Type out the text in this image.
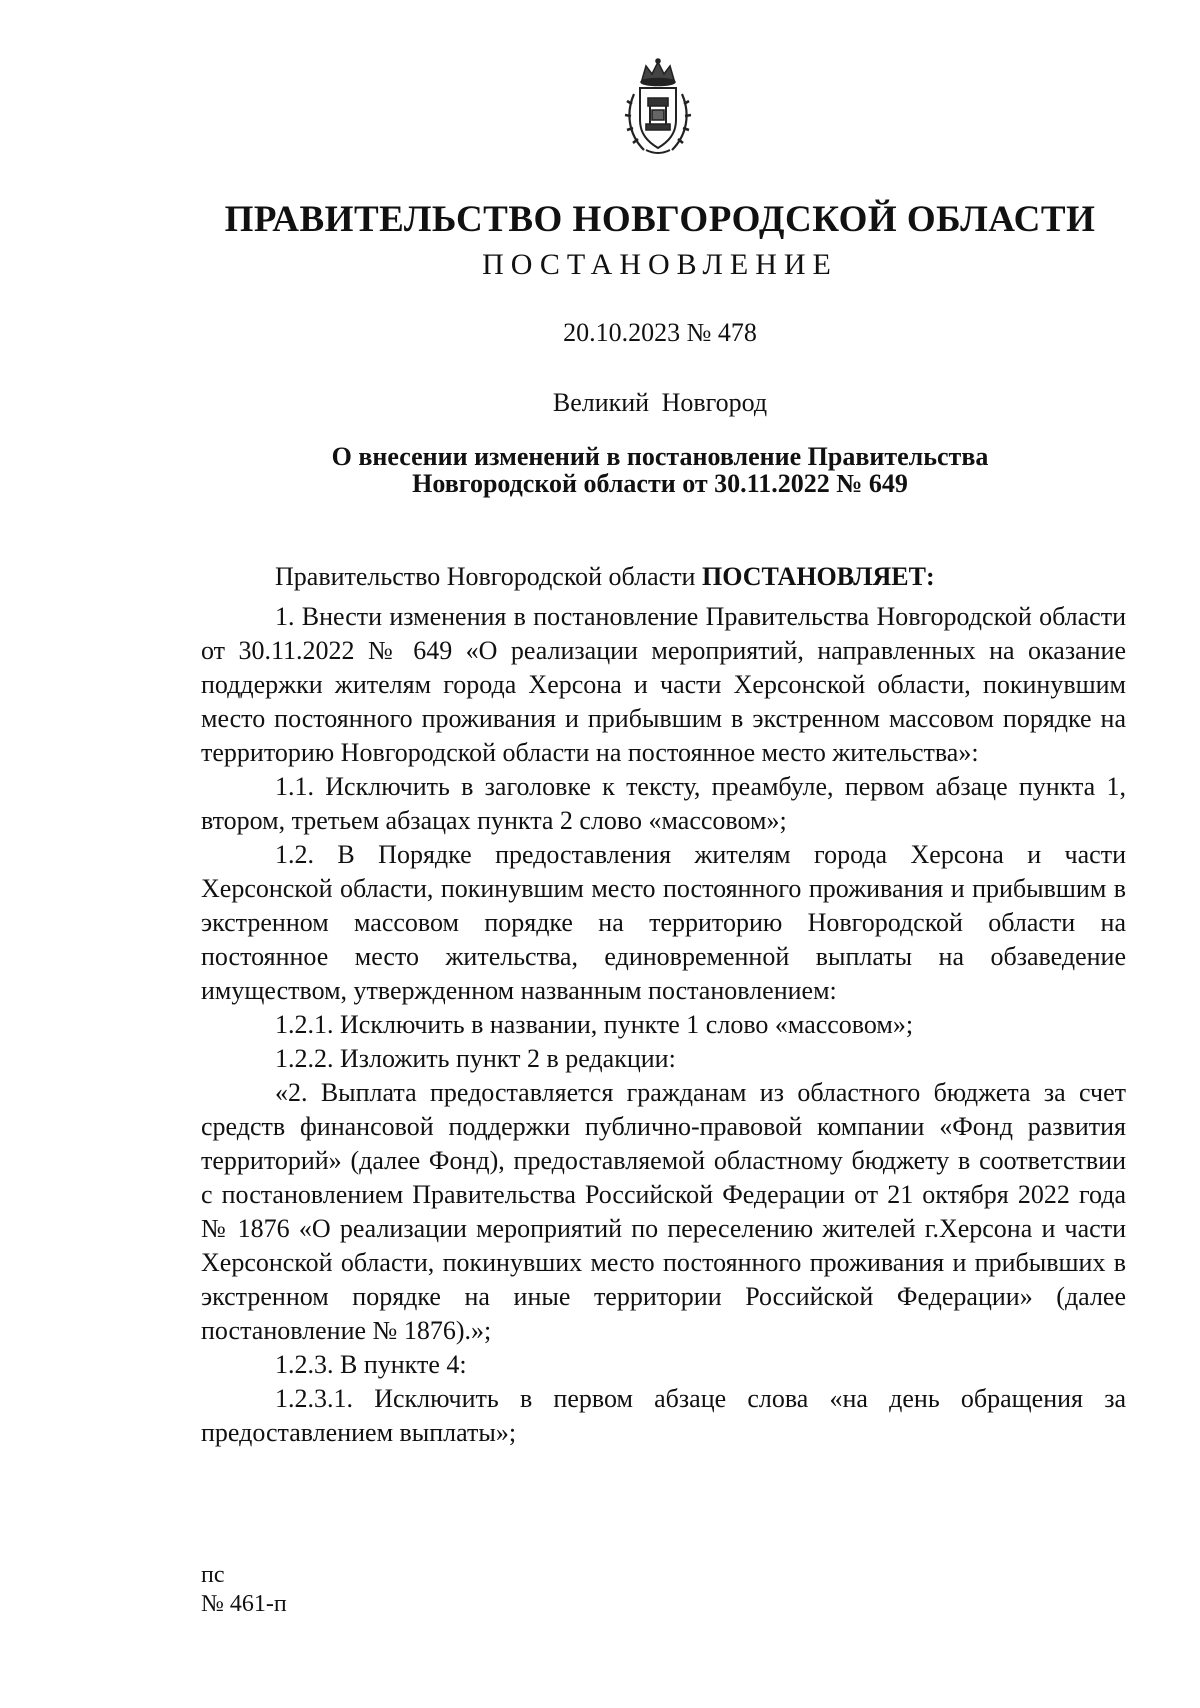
ПРАВИТЕЛЬСТВО НОВГОРОДСКОЙ ОБЛАСТИ
ПОСТАНОВЛЕНИЕ
20.10.2023 № 478
Великий Новгород
О внесении изменений в постановление Правительства
Новгородской области от 30.11.2022 № 649

Правительство Новгородской области ПОСТАНОВЛЯЕТ:

1. Внести изменения в постановление Правительства Новгородской области от 30.11.2022 № 649 «О реализации мероприятий, направленных на оказание поддержки жителям города Херсона и части Херсонской области, покинувшим место постоянного проживания и прибывшим в экстренном массовом порядке на территорию Новгородской области на постоянное место жительства»:

1.1. Исключить в заголовке к тексту, преамбуле, первом абзаце пункта 1, втором, третьем абзацах пункта 2 слово «массовом»;

1.2. В Порядке предоставления жителям города Херсона и части Херсонской области, покинувшим место постоянного проживания и прибывшим в экстренном массовом порядке на территорию Новгородской области на постоянное место жительства, единовременной выплаты на обзаведение имуществом, утвержденном названным постановлением:

1.2.1. Исключить в названии, пункте 1 слово «массовом»;

1.2.2. Изложить пункт 2 в редакции:

«2. Выплата предоставляется гражданам из областного бюджета за счет средств финансовой поддержки публично-правовой компании «Фонд развития территорий» (далее Фонд), предоставляемой областному бюджету в соответствии с постановлением Правительства Российской Федерации от 21 октября 2022 года № 1876 «О реализации мероприятий по переселению жителей г.Херсона и части Херсонской области, покинувших место постоянного проживания и прибывших в экстренном порядке на иные территории Российской Федерации» (далее постановление № 1876).»;

1.2.3. В пункте 4:

1.2.3.1. Исключить в первом абзаце слова «на день обращения за предоставлением выплаты»;

пс
№ 461-п
